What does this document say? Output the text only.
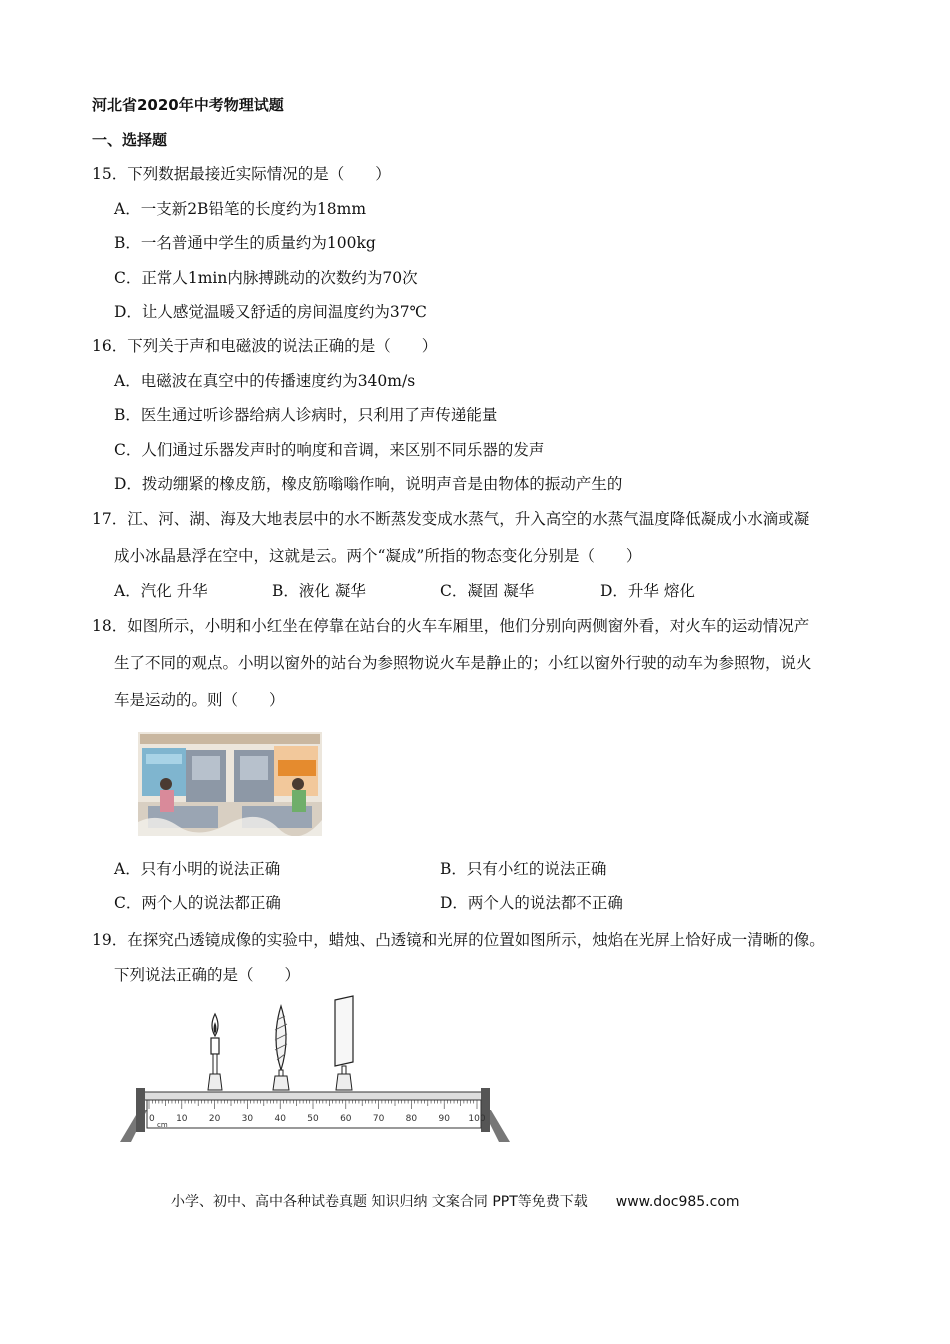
河北省2020年中考物理试题
一、选择题
15．下列数据最接近实际情况的是（　　）
A．一支新2B铅笔的长度约为18mm
B．一名普通中学生的质量约为100kg
C．正常人1min内脉搏跳动的次数约为70次
D．让人感觉温暖又舒适的房间温度约为37℃
16．下列关于声和电磁波的说法正确的是（　　）
A．电磁波在真空中的传播速度约为340m/s
B．医生通过听诊器给病人诊病时，只利用了声传递能量
C．人们通过乐器发声时的响度和音调，来区别不同乐器的发声
D．拨动绷紧的橡皮筋，橡皮筋嗡嗡作响，说明声音是由物体的振动产生的
17．江、河、湖、海及大地表层中的水不断蒸发变成水蒸气，升入高空的水蒸气温度降低凝成小水滴或凝
成小冰晶悬浮在空中，这就是云。两个“凝成”所指的物态变化分别是（　　）
A．汽化 升华	B．液化 凝华	C．凝固 凝华	D．升华 熔化
18．如图所示，小明和小红坐在停靠在站台的火车车厢里，他们分别向两侧窗外看，对火车的运动情况产
生了不同的观点。小明以窗外的站台为参照物说火车是静止的；小红以窗外行驶的动车为参照物，说火
车是运动的。则（　　）
A．只有小明的说法正确	B．只有小红的说法正确
C．两个人的说法都正确	D．两个人的说法都不正确
19．在探究凸透镜成像的实验中，蜡烛、凸透镜和光屏的位置如图所示，烛焰在光屏上恰好成一清晰的像。
下列说法正确的是（　　）
0 10 20 30 40 50 60 70 80 90 100
cm
小学、初中、高中各种试卷真题 知识归纳 文案合同 PPT等免费下载　　www.doc985.com
